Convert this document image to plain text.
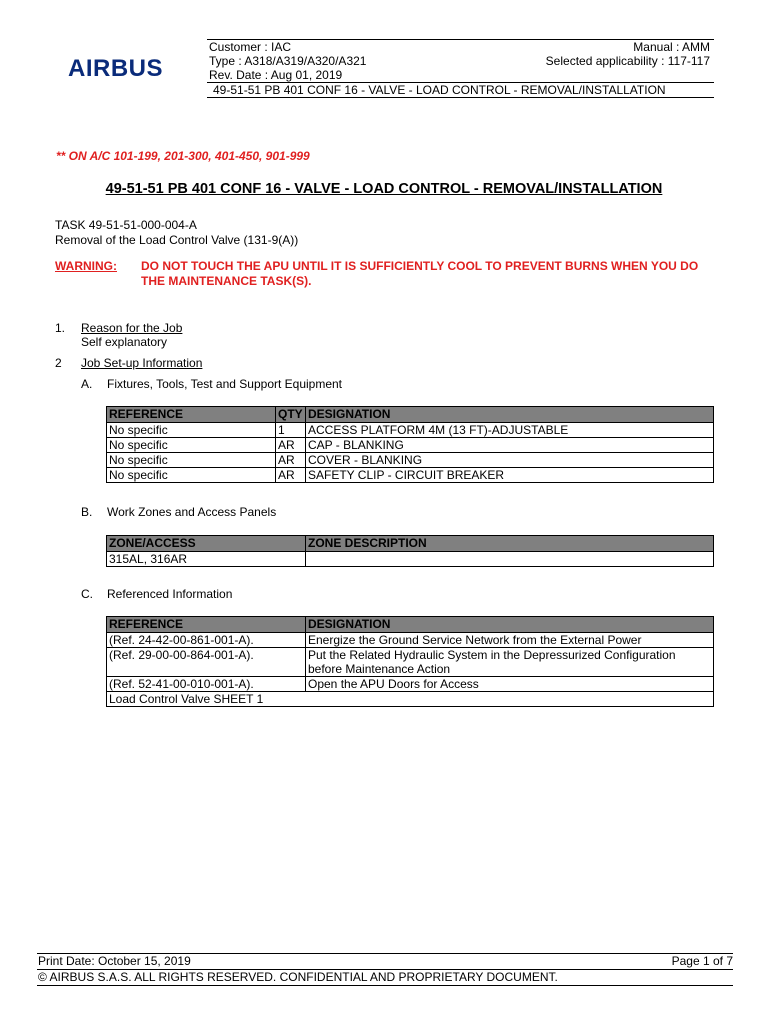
AIRBUS
Customer : IAC	Manual : AMM
Type : A318/A319/A320/A321	Selected applicability : 117-117
Rev. Date : Aug 01, 2019
49-51-51 PB 401 CONF 16 - VALVE - LOAD CONTROL - REMOVAL/INSTALLATION
** ON A/C 101-199, 201-300, 401-450, 901-999
49-51-51 PB 401 CONF 16 - VALVE - LOAD CONTROL - REMOVAL/INSTALLATION
TASK 49-51-51-000-004-A
Removal of the Load Control Valve (131-9(A))
WARNING: DO NOT TOUCH THE APU UNTIL IT IS SUFFICIENTLY COOL TO PREVENT BURNS WHEN YOU DO THE MAINTENANCE TASK(S).
1. Reason for the Job
Self explanatory
2 Job Set-up Information
A. Fixtures, Tools, Test and Support Equipment
REFERENCE	QTY	DESIGNATION
No specific	1	ACCESS PLATFORM 4M (13 FT)-ADJUSTABLE
No specific	AR	CAP - BLANKING
No specific	AR	COVER - BLANKING
No specific	AR	SAFETY CLIP - CIRCUIT BREAKER
B. Work Zones and Access Panels
ZONE/ACCESS	ZONE DESCRIPTION
315AL, 316AR	
C. Referenced Information
REFERENCE	DESIGNATION
(Ref. 24-42-00-861-001-A).	Energize the Ground Service Network from the External Power
(Ref. 29-00-00-864-001-A).	Put the Related Hydraulic System in the Depressurized Configuration before Maintenance Action
(Ref. 52-41-00-010-001-A).	Open the APU Doors for Access
Load Control Valve SHEET 1	
Print Date: October 15, 2019	Page 1 of 7
© AIRBUS S.A.S. ALL RIGHTS RESERVED. CONFIDENTIAL AND PROPRIETARY DOCUMENT.
